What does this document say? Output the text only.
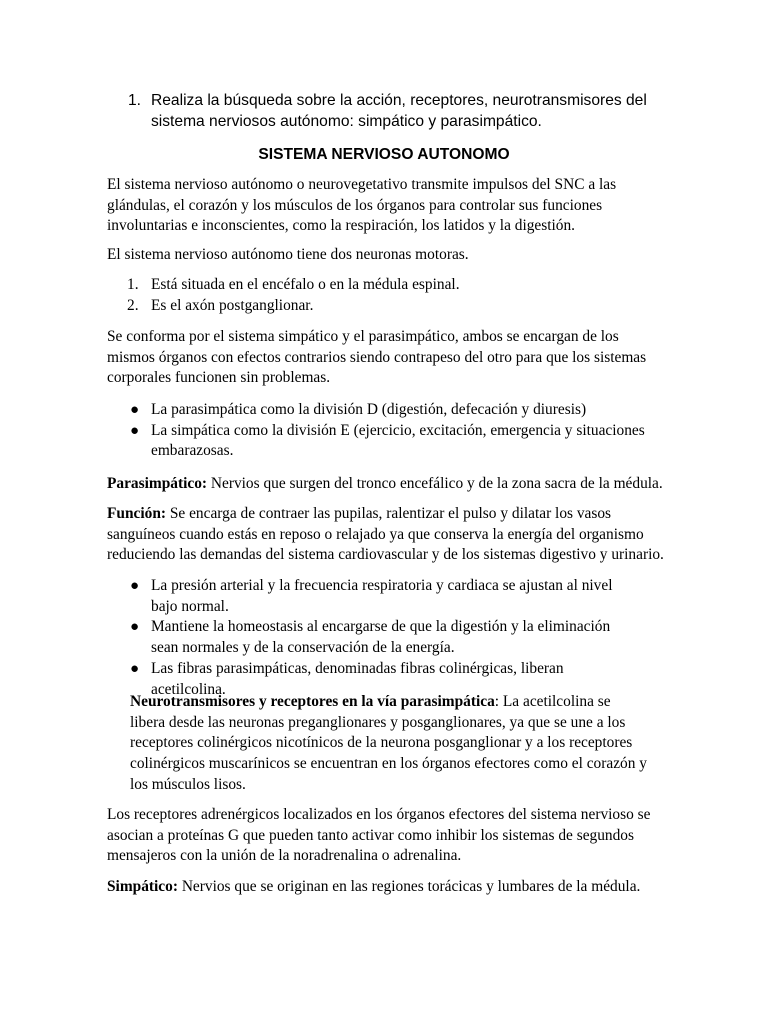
1. Realiza la búsqueda sobre la acción, receptores, neurotransmisores del sistema nerviosos autónomo: simpático y parasimpático.
SISTEMA NERVIOSO AUTONOMO

El sistema nervioso autónomo o neurovegetativo transmite impulsos del SNC a las glándulas, el corazón y los músculos de los órganos para controlar sus funciones involuntarias e inconscientes, como la respiración, los latidos y la digestión.

El sistema nervioso autónomo tiene dos neuronas motoras.

1. Está situada en el encéfalo o en la médula espinal.
2. Es el axón postganglionar.

Se conforma por el sistema simpático y el parasimpático, ambos se encargan de los mismos órganos con efectos contrarios siendo contrapeso del otro para que los sistemas corporales funcionen sin problemas.

● La parasimpática como la división D (digestión, defecación y diuresis)
● La simpática como la división E (ejercicio, excitación, emergencia y situaciones embarazosas.

Parasimpático: Nervios que surgen del tronco encefálico y de la zona sacra de la médula.

Función: Se encarga de contraer las pupilas, ralentizar el pulso y dilatar los vasos sanguíneos cuando estás en reposo o relajado ya que conserva la energía del organismo reduciendo las demandas del sistema cardiovascular y de los sistemas digestivo y urinario.

● La presión arterial y la frecuencia respiratoria y cardiaca se ajustan al nivel bajo normal.
● Mantiene la homeostasis al encargarse de que la digestión y la eliminación sean normales y de la conservación de la energía.
● Las fibras parasimpáticas, denominadas fibras colinérgicas, liberan acetilcolina.

Neurotransmisores y receptores en la vía parasimpática: La acetilcolina se libera desde las neuronas preganglionares y posganglionares, ya que se une a los receptores colinérgicos nicotínicos de la neurona posganglionar y a los receptores colinérgicos muscarínicos se encuentran en los órganos efectores como el corazón y los músculos lisos.

Los receptores adrenérgicos localizados en los órganos efectores del sistema nervioso se asocian a proteínas G que pueden tanto activar como inhibir los sistemas de segundos mensajeros con la unión de la noradrenalina o adrenalina.

Simpático: Nervios que se originan en las regiones torácicas y lumbares de la médula.
